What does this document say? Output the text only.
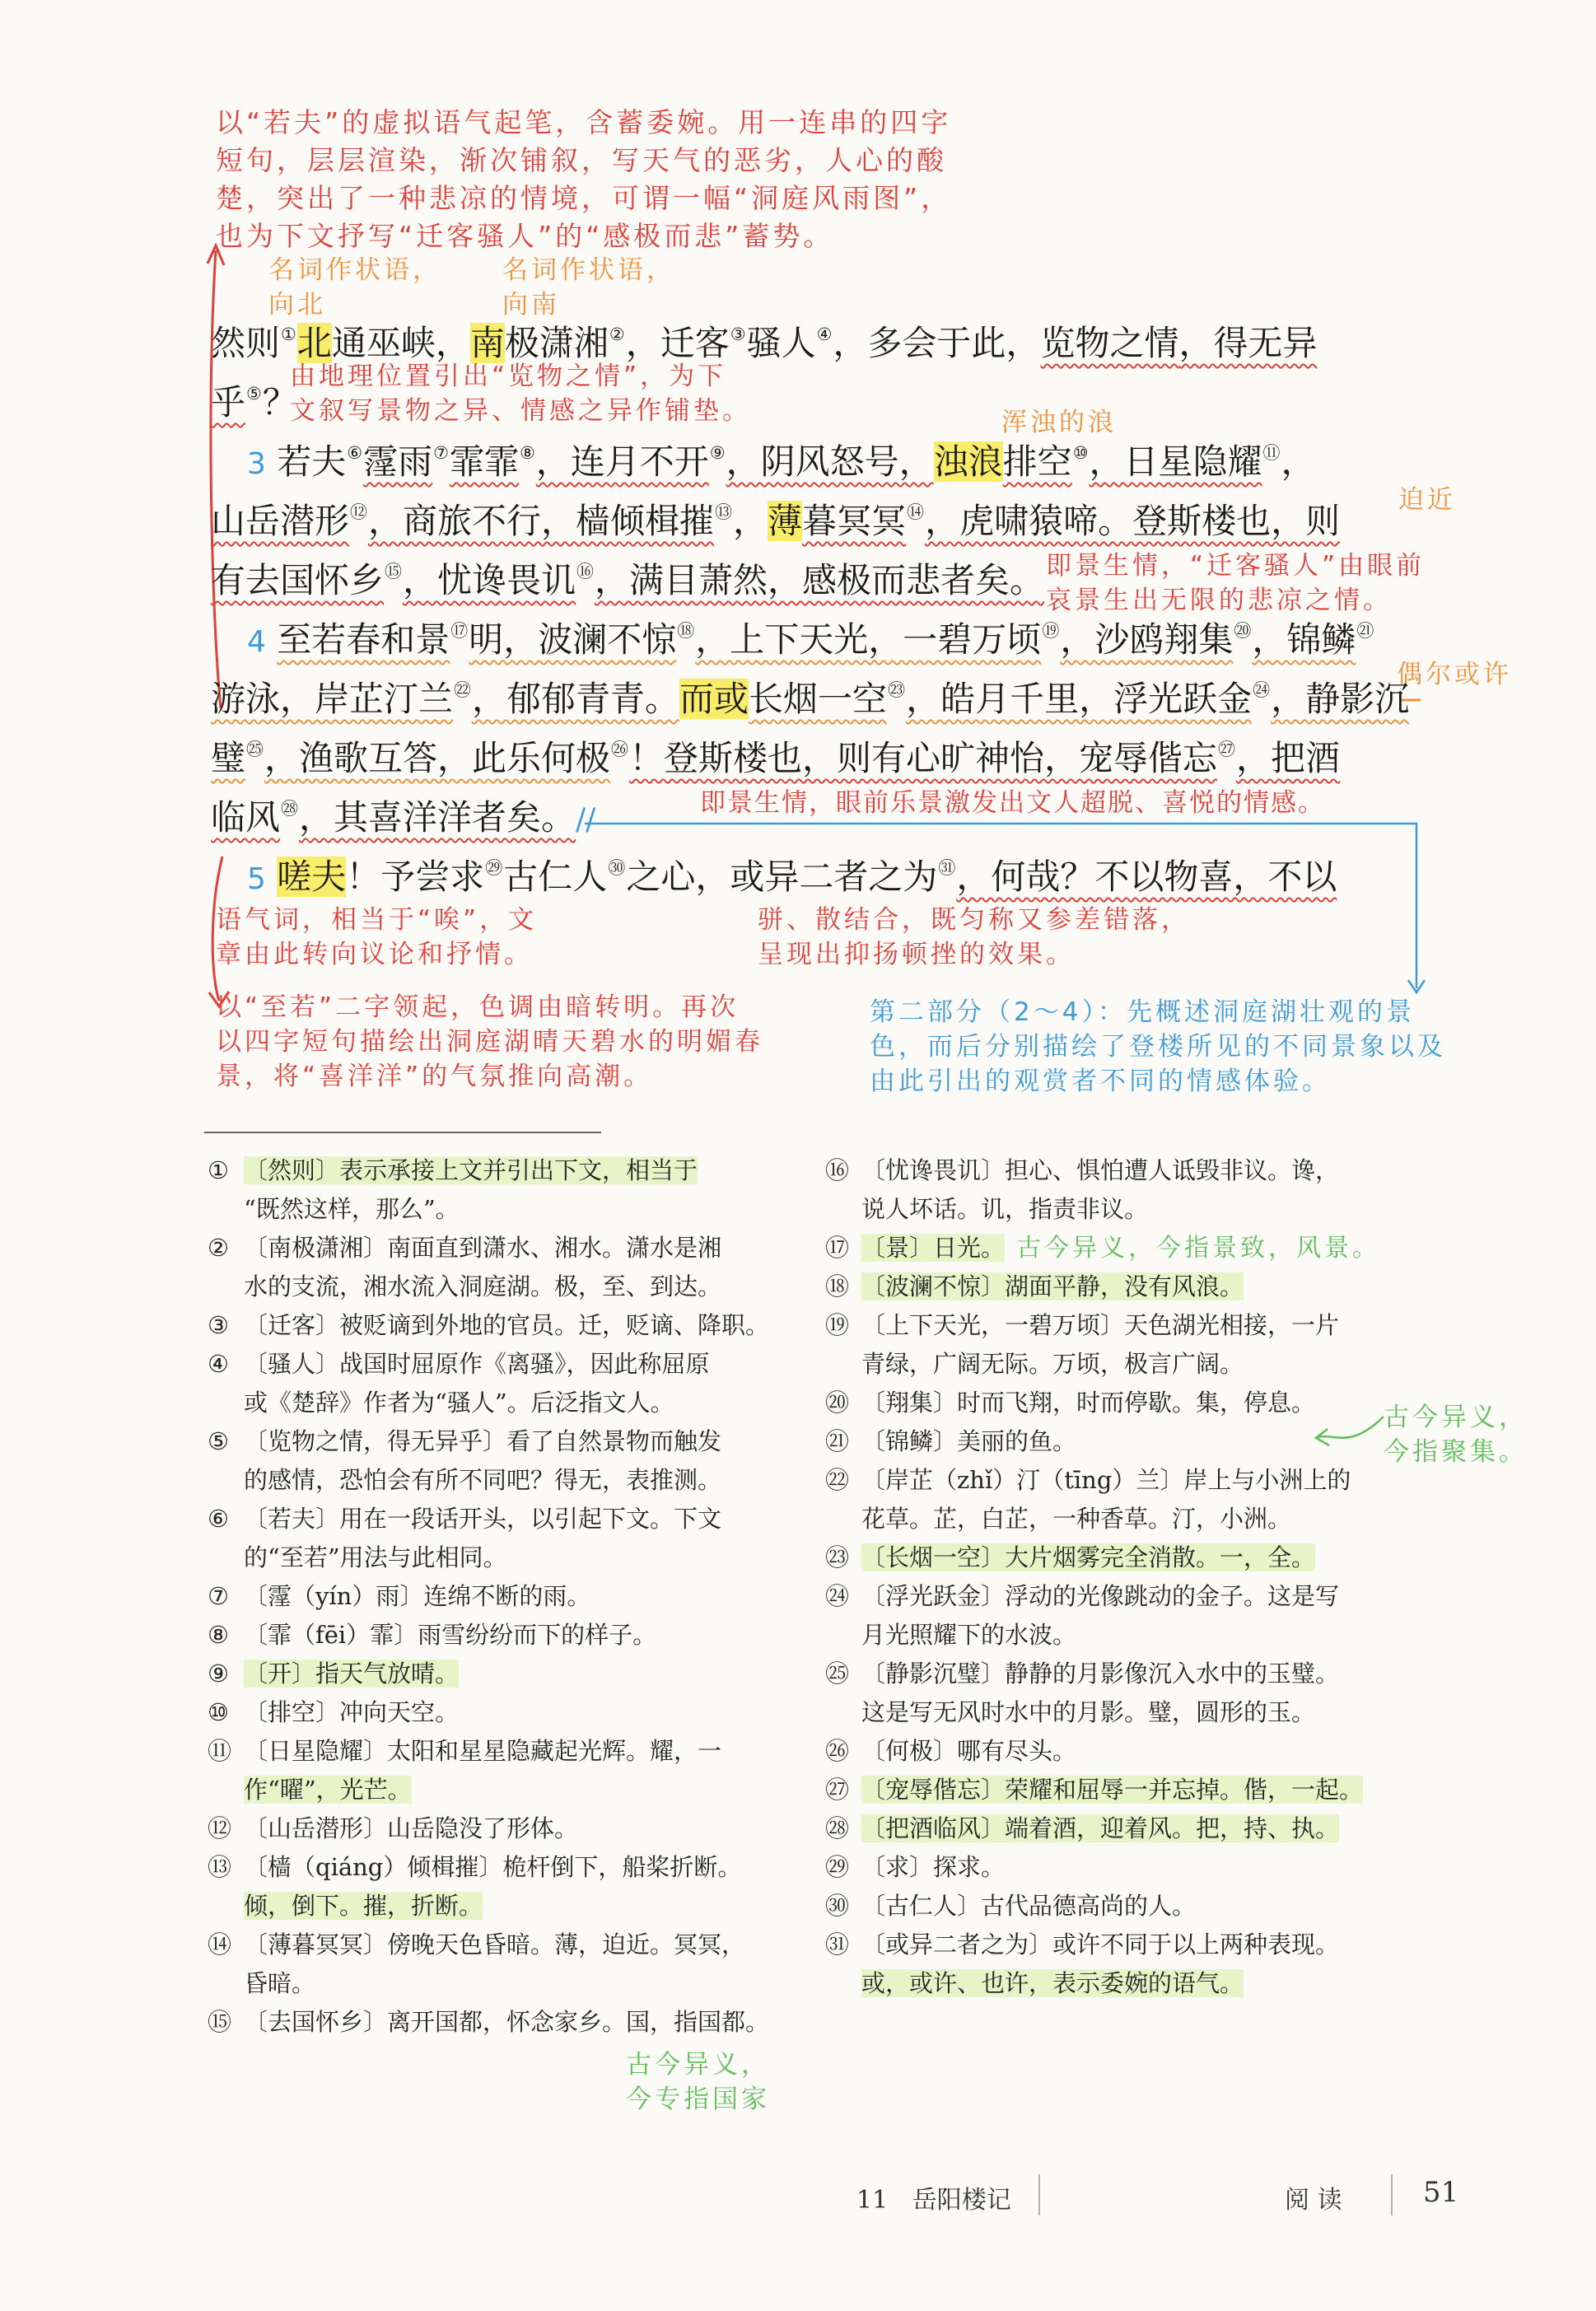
以“若夫”的虚拟语气起笔，含蓄委婉。用一连串的四字
短句，层层渲染，渐次铺叙，写天气的恶劣，人心的酸
楚，突出了一种悲凉的情境，可谓一幅“洞庭风雨图”，
也为下文抒写“迁客骚人”的“感极而悲”蓄势。
名词作状语，
向北
名词作状语，
向南
然则①北通巫峡，南极潇湘②，迁客③骚人④，多会于此，览物之情，得无异
乎⑤？
由地理位置引出“览物之情”，为下
文叙写景物之异、情感之异作铺垫。	浑浊的浪
3 若夫⑥霪雨⑦霏霏⑧，连月不开⑨，阴风怒号，浊浪排空⑩，日星隐耀⑪，
迫近
山岳潜形⑫，商旅不行，樯倾楫摧⑬，薄暮冥冥⑭，虎啸猿啼。登斯楼也，则
有去国怀乡⑮，忧谗畏讥⑯，满目萧然，感极而悲者矣。 即景生情，“迁客骚人”由眼前
哀景生出无限的悲凉之情。
4 至若春和景⑰明，波澜不惊⑱，上下天光，一碧万顷⑲，沙鸥翔集⑳，锦鳞$^㉑$
偶尔或许
游泳，岸芷汀兰$^㉒$，郁郁青青。而或长烟一空$^㉓$，皓月千里，浮光跃金$^㉔$，静影沉
璧$^㉕$，渔歌互答，此乐何极$^㉖$！登斯楼也，则有心旷神怡，宠辱偕忘$^㉗$，把酒
临风$^㉘$，其喜洋洋者矣。//	即景生情，眼前乐景激发出文人超脱、喜悦的情感。
5 嗟夫！予尝求$^㉙$古仁人$^㉚$之心，或异二者之为$^㉛$，何哉？不以物喜，不以
语气词，相当于“唉”，文
章由此转向议论和抒情。
骈、散结合，既匀称又参差错落，
呈现出抑扬顿挫的效果。
以“至若”二字领起，色调由暗转明。再次
以四字短句描绘出洞庭湖晴天碧水的明媚春
景，将“喜洋洋”的气氛推向高潮。
第二部分（2～4）：先概述洞庭湖壮观的景
色，而后分别描绘了登楼所见的不同景象以及
由此引出的观赏者不同的情感体验。
① 〔然则〕表示承接上文并引出下文，相当于
“既然这样，那么”。
② 〔南极潇湘〕南面直到潇水、湘水。潇水是湘
水的支流，湘水流入洞庭湖。极，至、到达。
③ 〔迁客〕被贬谪到外地的官员。迁，贬谪、降职。
④ 〔骚人〕战国时屈原作《离骚》，因此称屈原
或《楚辞》作者为“骚人”。后泛指文人。
⑤ 〔览物之情，得无异乎〕看了自然景物而触发
的感情，恐怕会有所不同吧？得无，表推测。
⑥ 〔若夫〕用在一段话开头，以引起下文。下文
的“至若”用法与此相同。
⑦ 〔霪（yín）雨〕连绵不断的雨。
⑧ 〔霏（fēi）霏〕雨雪纷纷而下的样子。
⑨ 〔开〕指天气放晴。
⑩ 〔排空〕冲向天空。
⑪ 〔日星隐耀〕太阳和星星隐藏起光辉。耀，一
作“曜”，光芒。
⑫ 〔山岳潜形〕山岳隐没了形体。
⑬ 〔樯（qiáng）倾楫摧〕桅杆倒下，船桨折断。
倾，倒下。摧，折断。
⑭ 〔薄暮冥冥〕傍晚天色昏暗。薄，迫近。冥冥，
昏暗。
⑮ 〔去国怀乡〕离开国都，怀念家乡。国，指国都。
古今异义，
今专指国家
⑯ 〔忧谗畏讥〕担心、惧怕遭人诋毁非议。谗，
说人坏话。讥，指责非议。
⑰ 〔景〕日光。 古今异义，今指景致，风景。
⑱ 〔波澜不惊〕湖面平静，没有风浪。
⑲ 〔上下天光，一碧万顷〕天色湖光相接，一片
青绿，广阔无际。万顷，极言广阔。
⑳ 〔翔集〕时而飞翔，时而停歇。集，停息。
㉑ 〔锦鳞〕美丽的鱼。
㉒ 〔岸芷（zhǐ）汀（tīng）兰〕岸上与小洲上的
花草。芷，白芷，一种香草。汀，小洲。
㉓ 〔长烟一空〕大片烟雾完全消散。一，全。
㉔ 〔浮光跃金〕浮动的光像跳动的金子。这是写
月光照耀下的水波。
㉕ 〔静影沉璧〕静静的月影像沉入水中的玉璧。
这是写无风时水中的月影。璧，圆形的玉。
㉖ 〔何极〕哪有尽头。
㉗ 〔宠辱偕忘〕荣耀和屈辱一并忘掉。偕，一起。
㉘ 〔把酒临风〕端着酒，迎着风。把，持、执。
㉙ 〔求〕探求。
㉚ 〔古仁人〕古代品德高尚的人。
㉛ 〔或异二者之为〕或许不同于以上两种表现。
或，或许、也许，表示委婉的语气。
古今异义，
今指聚集。
11 岳阳楼记	阅 读	51
